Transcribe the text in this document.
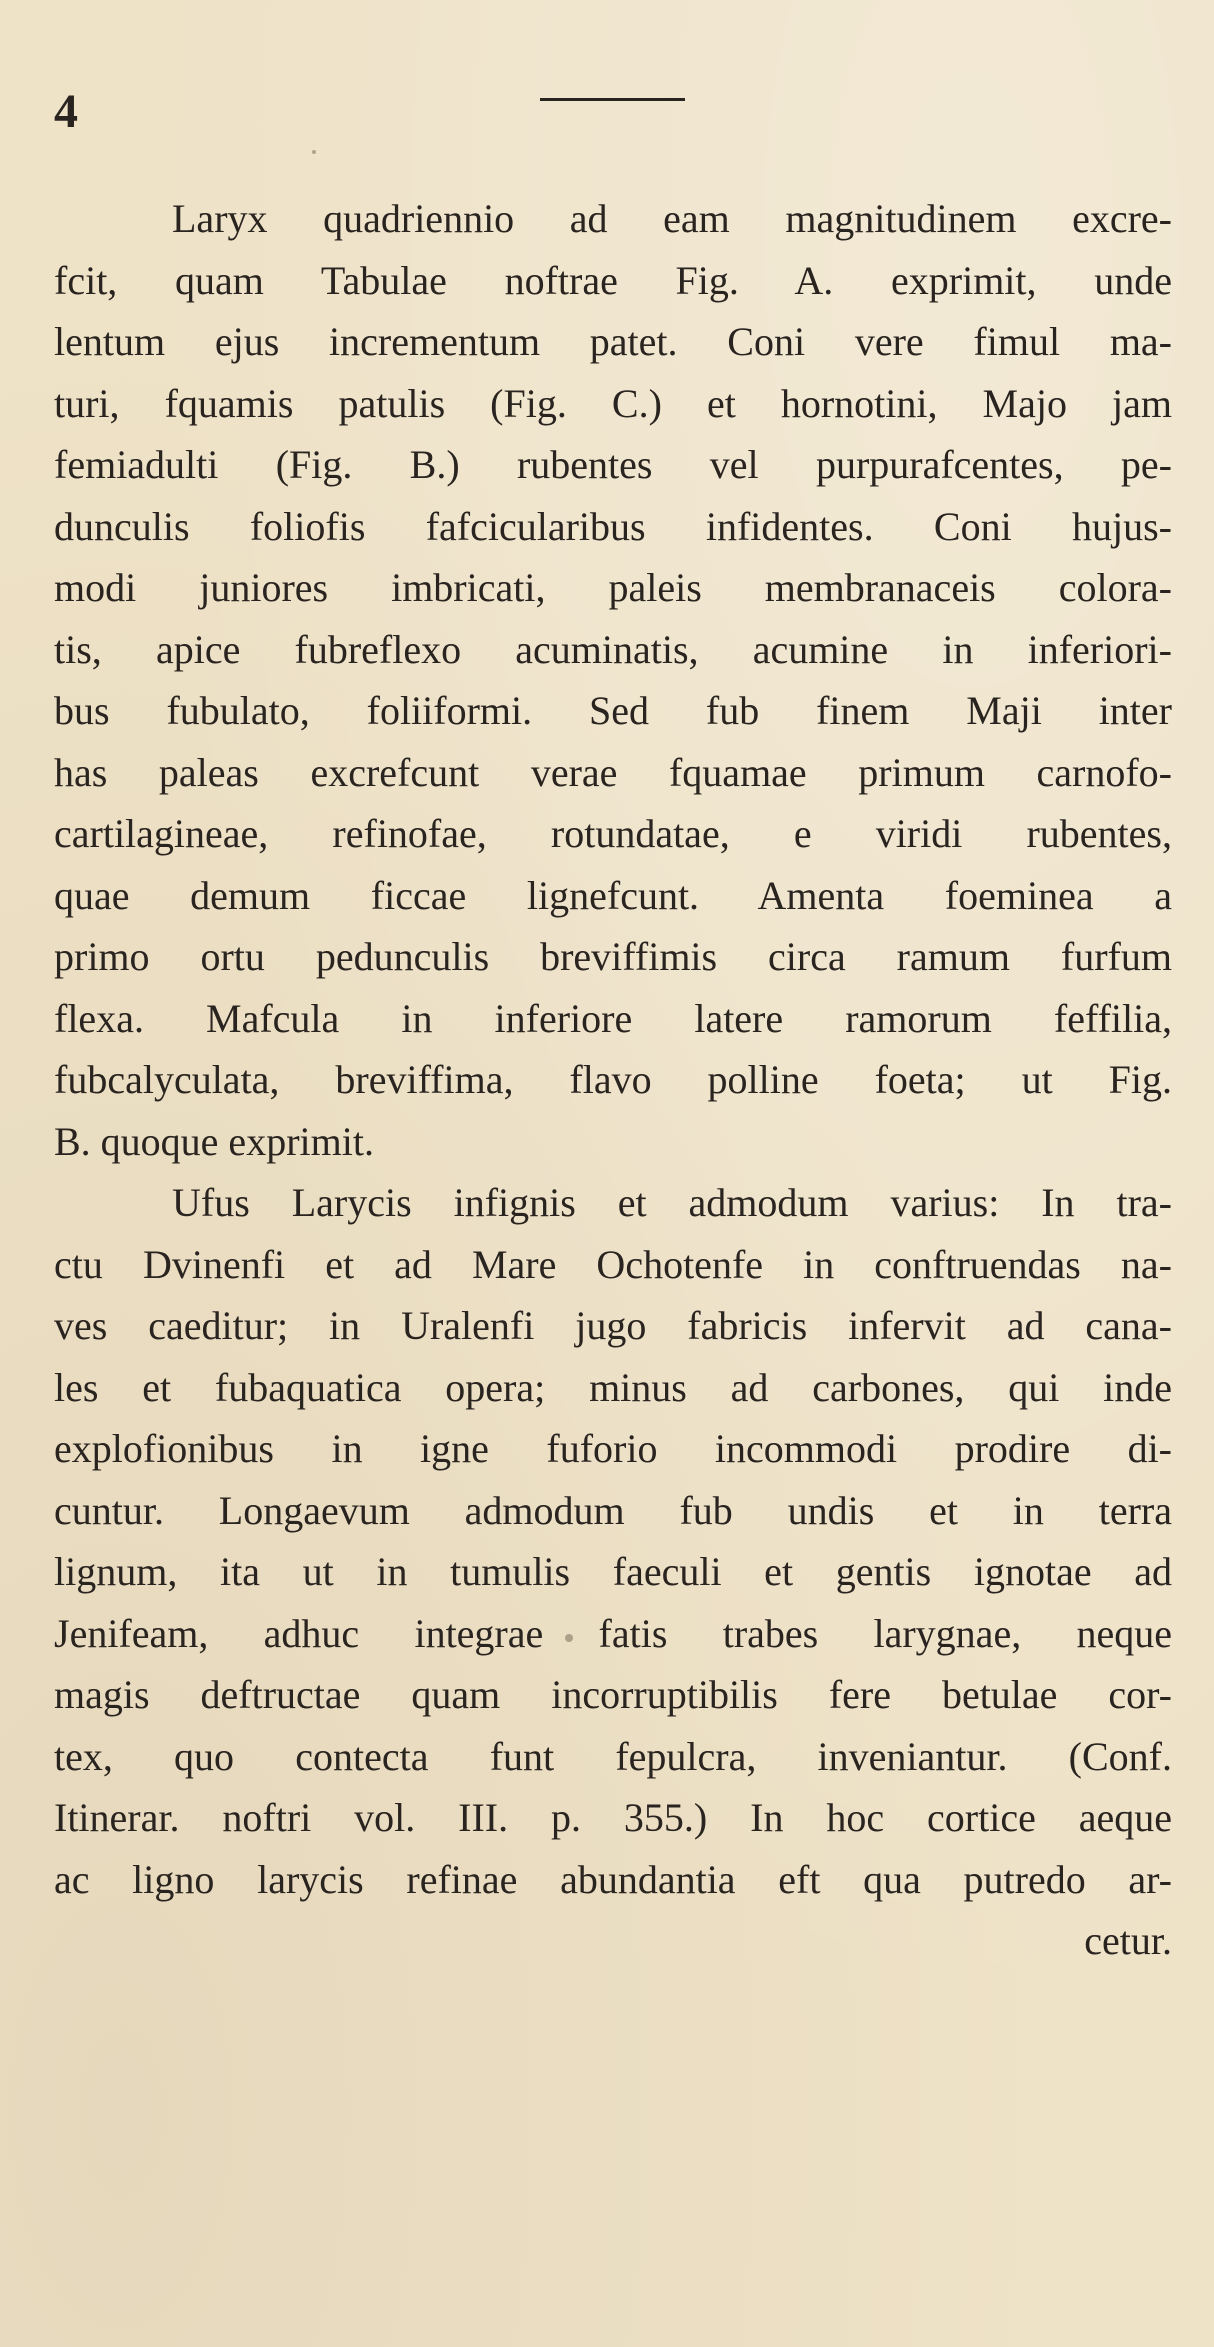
4
Laryx quadriennio ad eam magnitudinem excre-
fcit, quam Tabulae noftrae Fig. A. exprimit, unde
lentum ejus incrementum patet. Coni vere fimul ma-
turi, fquamis patulis (Fig. C.) et hornotini, Majo jam
femiadulti (Fig. B.) rubentes vel purpurafcentes, pe-
dunculis foliofis fafcicularibus infidentes. Coni hujus-
modi juniores imbricati, paleis membranaceis colora-
tis, apice fubreflexo acuminatis, acumine in inferiori-
bus fubulato, foliiformi. Sed fub finem Maji inter
has paleas excrefcunt verae fquamae primum carnofo-
cartilagineae, refinofae, rotundatae, e viridi rubentes,
quae demum ficcae lignefcunt. Amenta foeminea a
primo ortu pedunculis breviffimis circa ramum furfum
flexa. Mafcula in inferiore latere ramorum feffilia,
fubcalyculata, breviffima, flavo polline foeta; ut Fig.
B. quoque exprimit.
Ufus Larycis infignis et admodum varius: In tra-
ctu Dvinenfi et ad Mare Ochotenfe in conftruendas na-
ves caeditur; in Uralenfi jugo fabricis infervit ad cana-
les et fubaquatica opera; minus ad carbones, qui inde
explofionibus in igne fuforio incommodi prodire di-
cuntur. Longaevum admodum fub undis et in terra
lignum, ita ut in tumulis faeculi et gentis ignotae ad
Jenifeam, adhuc integrae fatis trabes larygnae, neque
magis deftructae quam incorruptibilis fere betulae cor-
tex, quo contecta funt fepulcra, inveniantur. (Conf.
Itinerar. noftri vol. III. p. 355.) In hoc cortice aeque
ac ligno larycis refinae abundantia eft qua putredo ar-
cetur.
